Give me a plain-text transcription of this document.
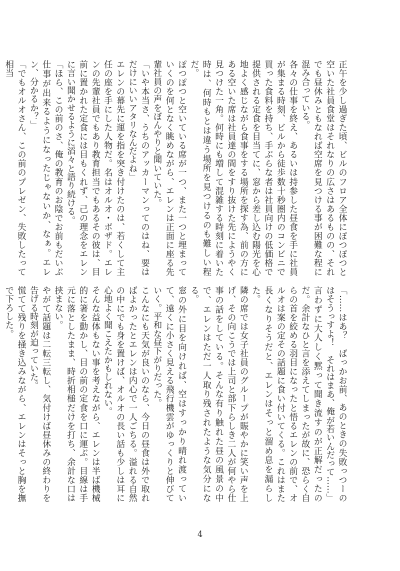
正午を少し過ぎた頃、ビルのフロア全体にぽつぽつと空いた社員食堂はそれなりの広さはあるものの、それでも昼休みともなれば空席を見つける事が困難な程に混み合っている。

各々の仕事を終え、あるいは持参した昼食を手に社員が集まる時刻、ビルから徒歩数十秒圏内のコンビニで買った食料を持ち、手ぶらな者は社員向けの低価格で提供される定食を目当てに、窓から差し込む陽光を心地よく感じながら食事をする場所を探す為、前の方にある空いた席は社員達の間をすり抜けた先にようやく見つけた一角。何時にも増して混雑する時刻に着いた時は、何時もとは違う場所を見つけるのも難しい程だ。

ぽつぽつと空いている席が一つ、また一つと埋まっていくのを何となく眺めながら、エレンは正面に座る先輩社員の声をぼんやりと聞いていた。

「いや本当さ、うちのアッカーマンってのはね、要はだけにいいアタリなんだよね」

エレンの幕先に運を指を突き付けたのは、若くして主任の座を手にした人物だ。名はオルオ・ボザド。エレンの先輩社員でもあり教育担当でもあるその彼は、目前に置かれた定食には目もくれず、己の理念をエレンに言い聞かせるように滔々と語り続ける。

「ほら、この前のさ、俺の教育のお陰でお前もだいぶ仕事が出来るようになったじゃないか、なぁ。エレン、分かるか？」

「でもオルオさん、この前のプレゼン、失敗したって相当

「……はあ？　ばっかお前、あのときの失敗っつーのはそうっすよ！　それはまあ、俺が若いんだって……」

言わずに大人しく黙って聞き流すのが正解だったのだ。余計なひと言を添えてしまったが故に、恐らく自らの首を絞める羽目になったと悟るエレンの前で、オルオは案の定その話題に食い付いてくる。これはまた長くなりそうだと、エレンはそっと溜め息を漏らした。

隣の席では女子社員のグループが賑やかに笑い声を上げ、その向こうでは上司と部下らしき二人が何やら仕事の話をしている。そんな有り触れた昼の風景の中で、エレンはただ一人取り残されたような気分になる。

窓の外に目を向ければ、空はすっかり晴れ渡っていて、遠くに小さく見える飛行機雲がゆっくりと伸びていく。平和な昼下がりだった。

こんなにも天気が良いのなら、今日の昼食は外で取ればよかったとエレンは内心で一人ごちる。溢れる自然の中にでも身を置けば、オルオの長い話も少しは耳に心地よく聞こえたかもしれない。

そんな益体もない事を考えながら、エレンは半ば機械的に箸を動かし、目の前の定食を口に運ぶ。目線は手元に落としたまま、時折相槌だけを打ち、余計な口は挟まない。

やがて話題は二転三転し、気付けば昼休みの終わりを告げる時刻が迫っていた。

慌てて残りを掻き込みながら、エレンはそっと胸を撫で下ろした。

4
